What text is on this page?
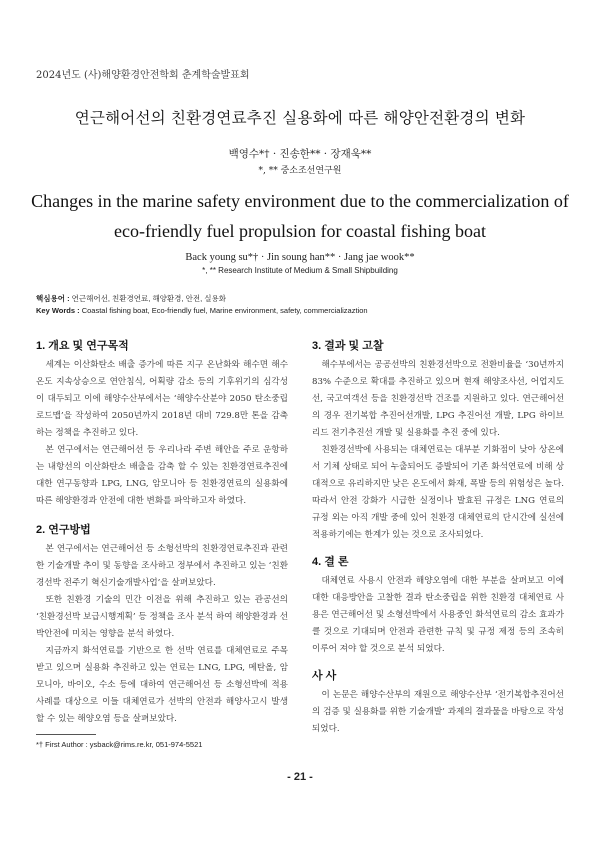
2024년도 (사)해양환경안전학회 춘계학술발표회
연근해어선의 친환경연료추진 실용화에 따른 해양안전환경의 변화
백영수*† · 진송한** · 장재욱**
*, ** 중소조선연구원
Changes in the marine safety environment due to the commercialization of
eco-friendly fuel propulsion for coastal fishing boat
Back young su*† · Jin soung han** · Jang jae wook**
*, ** Research Institute of Medium & Small Shipbuilding
핵심용어 : 연근해어선, 친환경연료, 해양환경, 안전, 실용화
Key Words : Coastal fishing boat, Eco-friendly fuel, Marine environment, safety, commercializaztion
1. 개요 및 연구목적

세계는 이산화탄소 배출 증가에 따른 지구 온난화와 해수면 해수온도 지속상승으로 연안침식, 어획량 감소 등의 기후위기의 심각성이 대두되고 이에 해양수산부에서는 ‘해양수산분야 2050 탄소중립 로드맵’을 작성하여 2050년까지 2018년 대비 729.8만 톤을 감축하는 정책을 추진하고 있다.

본 연구에서는 연근해어선 등 우리나라 주변 해안을 주로 운항하는 내항선의 이산화탄소 배출을 감축 할 수 있는 친환경연료추진에 대한 연구동향과 LPG, LNG, 암모니아 등 친환경연료의 실용화에 따른 해양환경과 안전에 대한 변화를 파악하고자 하였다.

2. 연구방법

본 연구에서는 연근해어선 등 소형선박의 친환경연료추진과 관련한 기술개발 추이 및 동향을 조사하고 정부에서 추진하고 있는 ‘친환경선박 전주기 혁신기술개발사업’을 살펴보았다.

또한 친환경 기술의 민간 이전을 위해 추진하고 있는 관공선의 ‘친환경선박 보급시행계획’ 등 정책을 조사 분석 하여 해양환경과 선박안전에 미치는 영향을 분석 하였다.

지금까지 화석연료를 기반으로 한 선박 연료를 대체연료로 주목받고 있으며 실용화 추진하고 있는 연료는 LNG, LPG, 메탄올, 암모니아, 바이오, 수소 등에 대하여 연근해어선 등 소형선박에 적용 사례를 대상으로 이들 대체연료가 선박의 안전과 해양사고시 발생 할 수 있는 해양오염 등을 살펴보았다.

3. 결과 및 고찰

해수부에서는 공공선박의 친환경선박으로 전환비율을 ‘30년까지 83% 수준으로 확대를 추진하고 있으며 현재 해양조사선, 어업지도선, 국고여객선 등을 친환경선박 건조를 지원하고 있다. 연근해어선의 경우 전기복합 추진어선개발, LPG 추진어선 개발, LPG 하이브리드 전기추진선 개발 및 실용화를 추진 중에 있다.

친환경선박에 사용되는 대체연료는 대부분 기화점이 낮아 상온에서 기체 상태로 되어 누출되어도 증발되어 기존 화석연료에 비해 상대적으로 유리하지만 낮은 온도에서 화재, 폭발 등의 위험성은 높다. 따라서 안전 강화가 시급한 실정이나 발효된 규정은 LNG 연료의 규정 외는 아직 개발 중에 있어 친환경 대체연료의 단시간에 실선에 적용하기에는 한계가 있는 것으로 조사되었다.

4. 결 론

대체연료 사용시 안전과 해양오염에 대한 부분을 살펴보고 이에 대한 대응방안을 고찰한 결과 탄소중립을 위한 친환경 대체연료 사용은 연근해어선 및 소형선박에서 사용중인 화석연료의 감소 효과가 클 것으로 기대되며 안전과 관련한 규칙 및 규정 제정 등의 조속히 이루어 져야 할 것으로 분석 되었다.

사 사

이 논문은 해양수산부의 재원으로 해양수산부 ‘전기복합추진어선의 검증 및 실용화를 위한 기술개발’ 과제의 결과물을 바탕으로 작성 되었다.

*† First Author : ysback@rims.re.kr, 051-974-5521
- 21 -
